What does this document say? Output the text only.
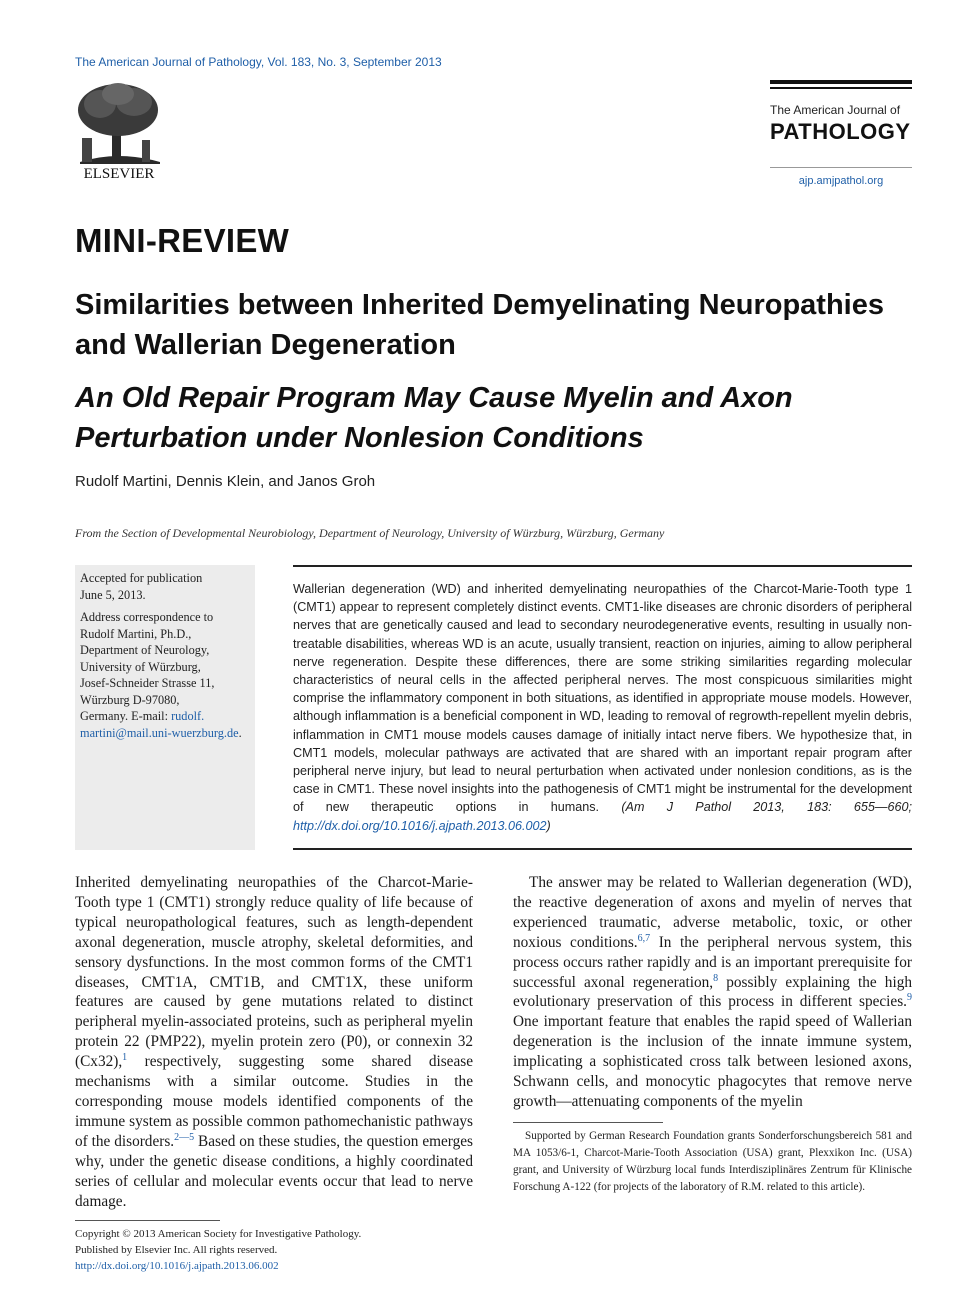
The American Journal of Pathology, Vol. 183, No. 3, September 2013
ELSEVIER
The American Journal of
PATHOLOGY
ajp.amjpathol.org
MINI-REVIEW
Similarities between Inherited Demyelinating Neuropathies and Wallerian Degeneration
An Old Repair Program May Cause Myelin and Axon Perturbation under Nonlesion Conditions
Rudolf Martini, Dennis Klein, and Janos Groh
From the Section of Developmental Neurobiology, Department of Neurology, University of Würzburg, Würzburg, Germany
Accepted for publication
June 5, 2013.
Address correspondence to
Rudolf Martini, Ph.D.,
Department of Neurology,
University of Würzburg,
Josef-Schneider Strasse 11,
Würzburg D-97080,
Germany. E-mail: rudolf.
martini@mail.uni-wuerzburg.de.
Wallerian degeneration (WD) and inherited demyelinating neuropathies of the Charcot-Marie-Tooth type 1 (CMT1) appear to represent completely distinct events. CMT1-like diseases are chronic disorders of peripheral nerves that are genetically caused and lead to secondary neurodegenerative events, resulting in usually non-treatable disabilities, whereas WD is an acute, usually transient, reaction on injuries, aiming to allow peripheral nerve regeneration. Despite these differences, there are some striking similarities regarding molecular characteristics of neural cells in the affected peripheral nerves. The most conspicuous similarities might comprise the inflammatory component in both situations, as identified in appropriate mouse models. However, although inflammation is a beneficial component in WD, leading to removal of regrowth-repellent myelin debris, inflammation in CMT1 mouse models causes damage of initially intact nerve fibers. We hypothesize that, in CMT1 models, molecular pathways are activated that are shared with an important repair program after peripheral nerve injury, but lead to neural perturbation when activated under nonlesion conditions, as is the case in CMT1. These novel insights into the pathogenesis of CMT1 might be instrumental for the development of new therapeutic options in humans. (Am J Pathol 2013, 183: 655—660; http://dx.doi.org/10.1016/j.ajpath.2013.06.002)
Inherited demyelinating neuropathies of the Charcot-Marie-Tooth type 1 (CMT1) strongly reduce quality of life because of typical neuropathological features, such as length-dependent axonal degeneration, muscle atrophy, skeletal deformities, and sensory dysfunctions. In the most common forms of the CMT1 diseases, CMT1A, CMT1B, and CMT1X, these uniform features are caused by gene mutations related to distinct peripheral myelin-associated proteins, such as peripheral myelin protein 22 (PMP22), myelin protein zero (P0), or connexin 32 (Cx32),$^1$ respectively, suggesting some shared disease mechanisms with a similar outcome. Studies in the corresponding mouse models identified components of the immune system as possible common pathomechanistic pathways of the disorders.$^{2—5}$ Based on these studies, the question emerges why, under the genetic disease conditions, a highly coordinated series of cellular and molecular events occur that lead to nerve damage.
The answer may be related to Wallerian degeneration (WD), the reactive degeneration of axons and myelin of nerves that experienced traumatic, adverse metabolic, toxic, or other noxious conditions.$^{6,7}$ In the peripheral nervous system, this process occurs rather rapidly and is an important prerequisite for successful axonal regeneration,$^8$ possibly explaining the high evolutionary preservation of this process in different species.$^9$ One important feature that enables the rapid speed of Wallerian degeneration is the inclusion of the innate immune system, implicating a sophisticated cross talk between lesioned axons, Schwann cells, and monocytic phagocytes that remove nerve growth—attenuating components of the myelin
Supported by German Research Foundation grants Sonderforschungsbereich 581 and MA 1053/6-1, Charcot-Marie-Tooth Association (USA) grant, Plexxikon Inc. (USA) grant, and University of Würzburg local funds Interdisziplinäres Zentrum für Klinische Forschung A-122 (for projects of the laboratory of R.M. related to this article).
Copyright © 2013 American Society for Investigative Pathology.
Published by Elsevier Inc. All rights reserved.
http://dx.doi.org/10.1016/j.ajpath.2013.06.002
